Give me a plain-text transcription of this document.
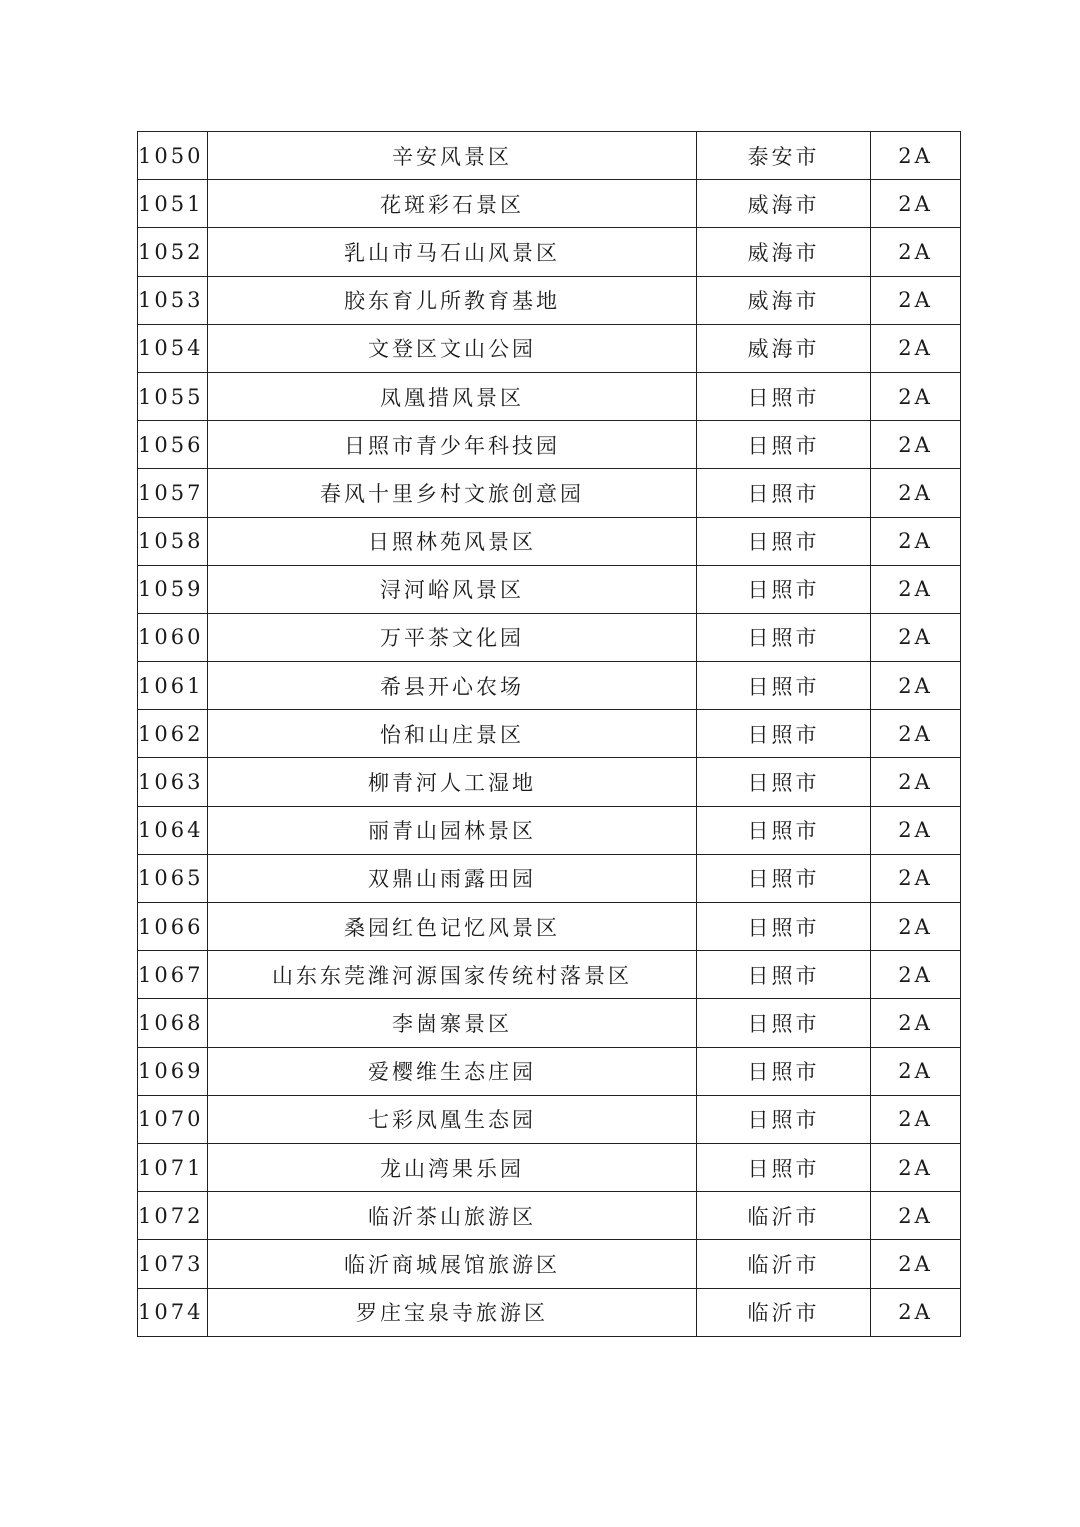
1050	辛安风景区	泰安市	2A
1051	花斑彩石景区	威海市	2A
1052	乳山市马石山风景区	威海市	2A
1053	胶东育儿所教育基地	威海市	2A
1054	文登区文山公园	威海市	2A
1055	凤凰措风景区	日照市	2A
1056	日照市青少年科技园	日照市	2A
1057	春风十里乡村文旅创意园	日照市	2A
1058	日照林苑风景区	日照市	2A
1059	浔河峪风景区	日照市	2A
1060	万平茶文化园	日照市	2A
1061	希县开心农场	日照市	2A
1062	怡和山庄景区	日照市	2A
1063	柳青河人工湿地	日照市	2A
1064	丽青山园林景区	日照市	2A
1065	双鼎山雨露田园	日照市	2A
1066	桑园红色记忆风景区	日照市	2A
1067	山东东莞潍河源国家传统村落景区	日照市	2A
1068	李崮寨景区	日照市	2A
1069	爱樱维生态庄园	日照市	2A
1070	七彩凤凰生态园	日照市	2A
1071	龙山湾果乐园	日照市	2A
1072	临沂茶山旅游区	临沂市	2A
1073	临沂商城展馆旅游区	临沂市	2A
1074	罗庄宝泉寺旅游区	临沂市	2A
